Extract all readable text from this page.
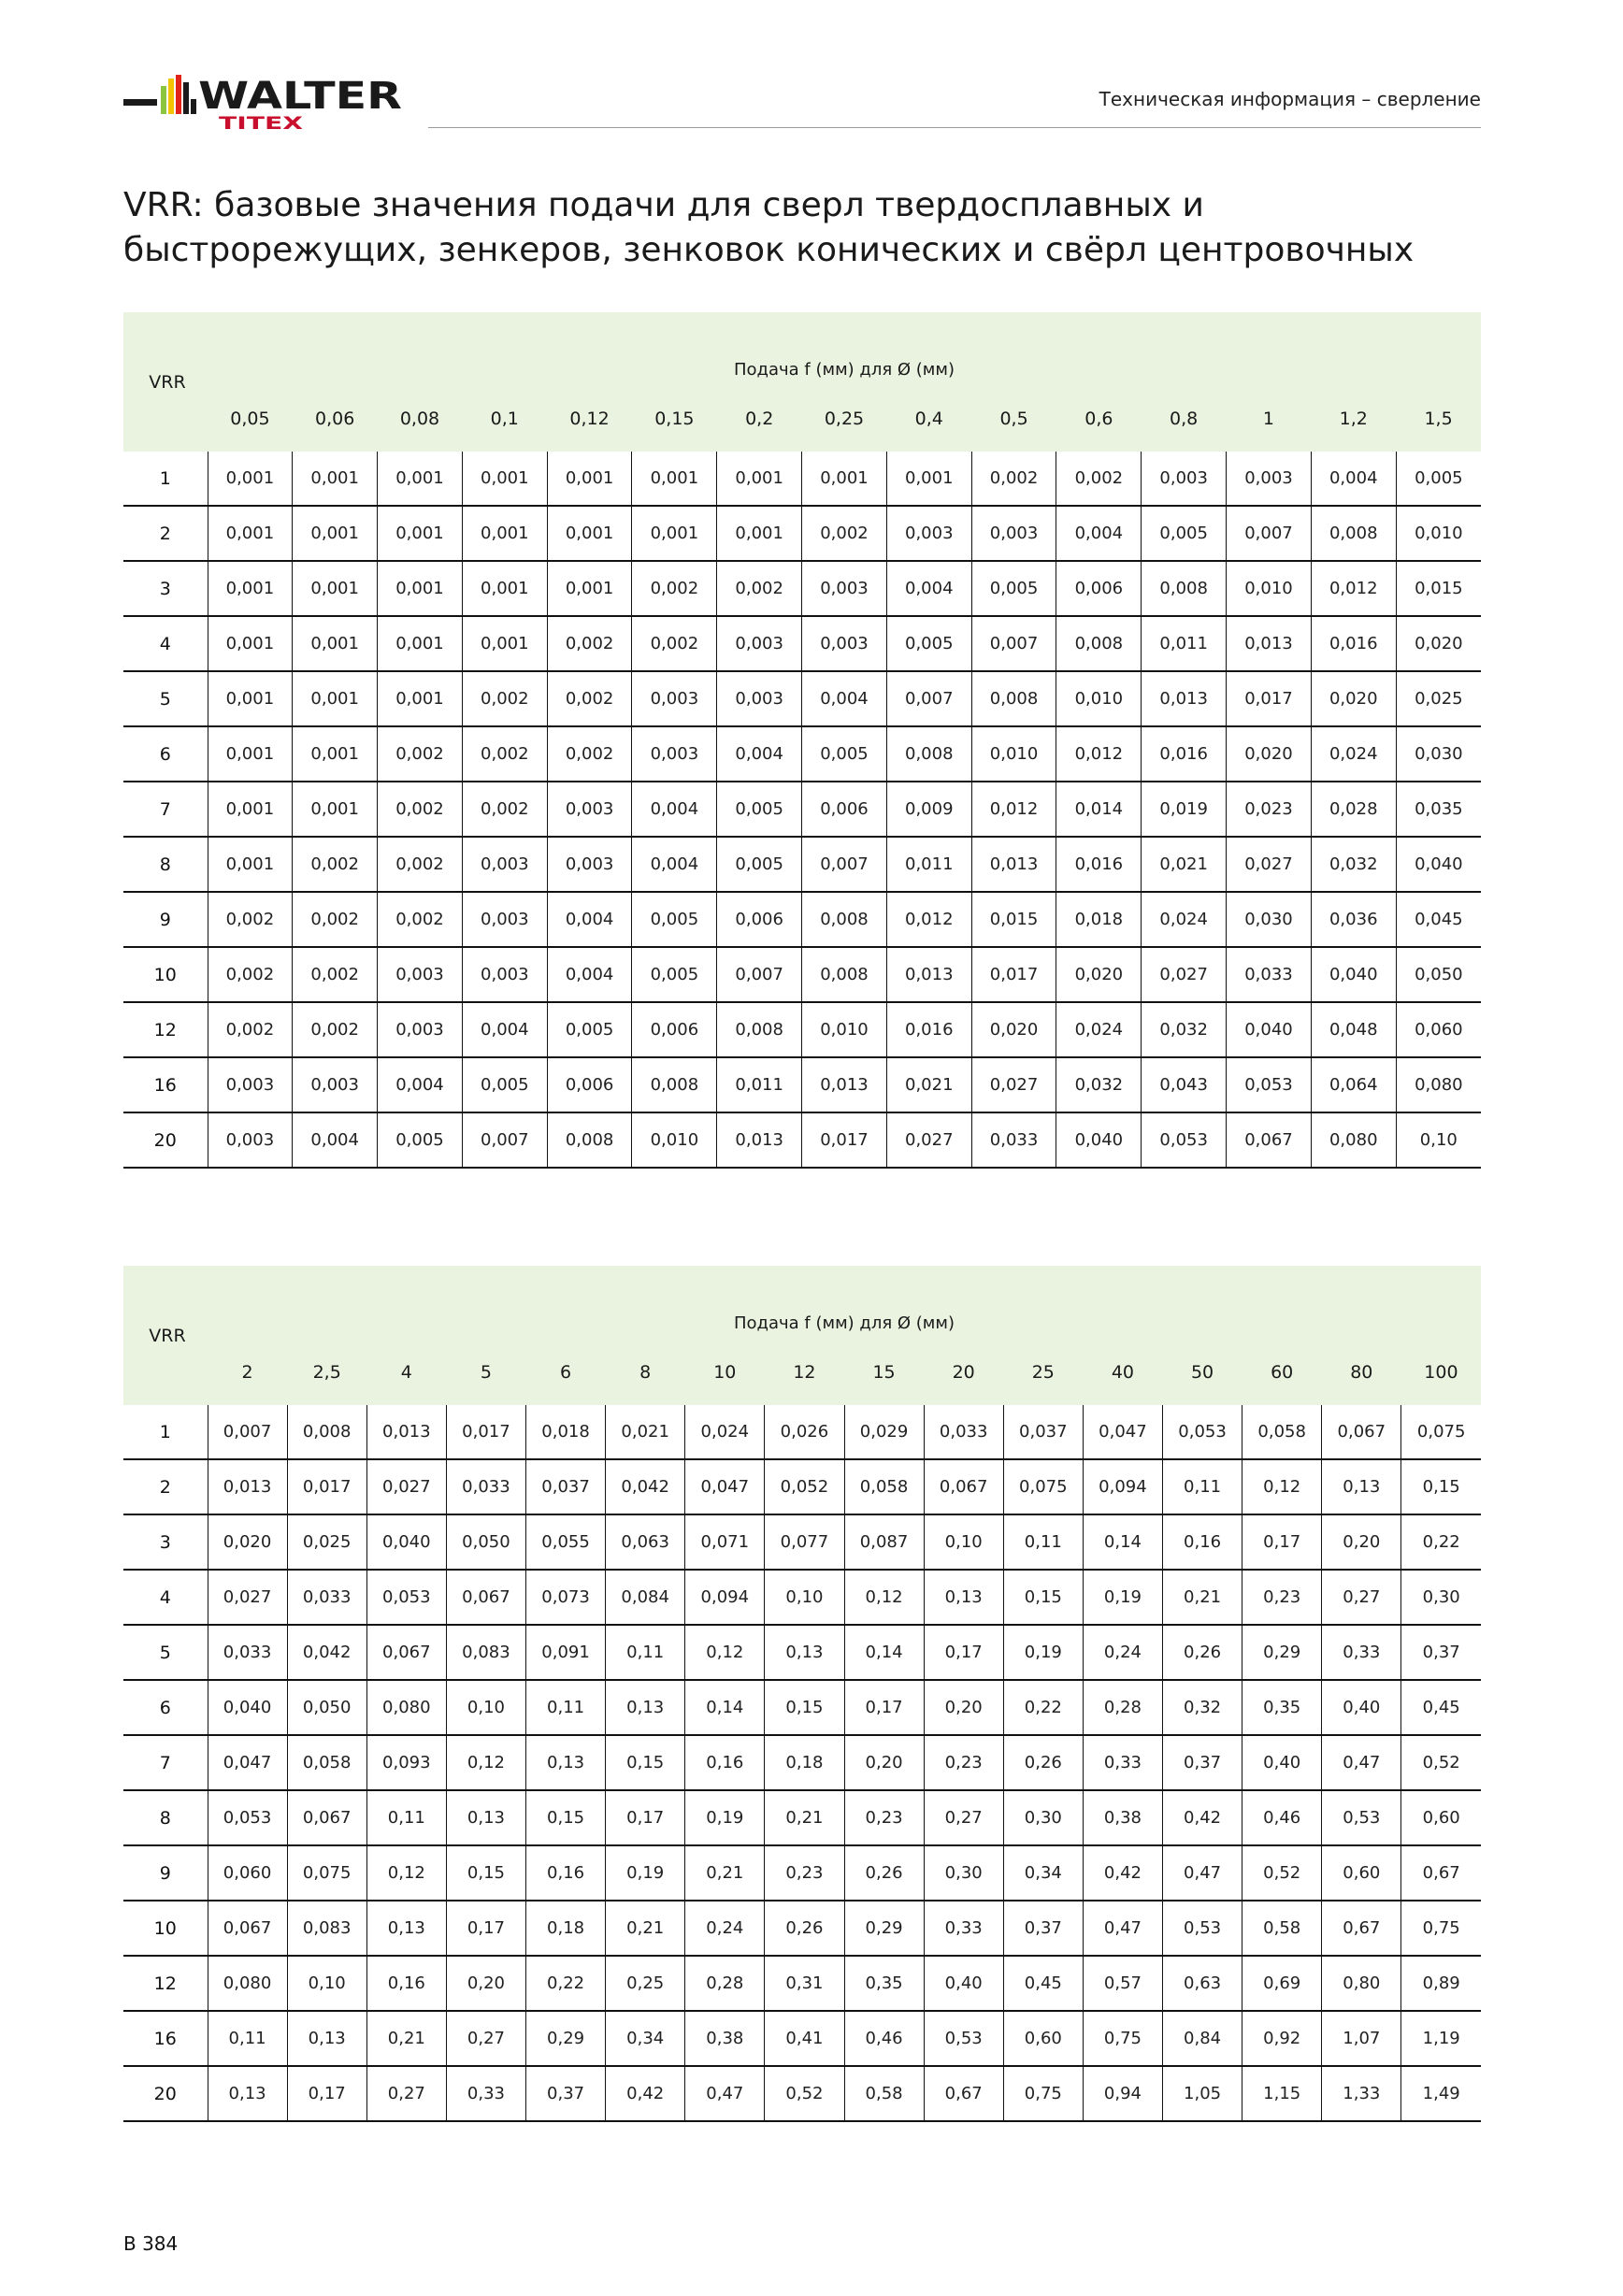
WALTER
TITEX
Техническая информация – сверление
VRR: базовые значения подачи для сверл твердосплавных и быстрорежущих, зенкеров, зенковок конических и свёрл центровочных
VRR	Подача f (мм) для Ø (мм)														
	0,05	0,06	0,08	0,1	0,12	0,15	0,2	0,25	0,4	0,5	0,6	0,8	1	1,2	1,5
1	0,001	0,001	0,001	0,001	0,001	0,001	0,001	0,001	0,001	0,002	0,002	0,003	0,003	0,004	0,005
2	0,001	0,001	0,001	0,001	0,001	0,001	0,001	0,002	0,003	0,003	0,004	0,005	0,007	0,008	0,010
3	0,001	0,001	0,001	0,001	0,001	0,002	0,002	0,003	0,004	0,005	0,006	0,008	0,010	0,012	0,015
4	0,001	0,001	0,001	0,001	0,002	0,002	0,003	0,003	0,005	0,007	0,008	0,011	0,013	0,016	0,020
5	0,001	0,001	0,001	0,002	0,002	0,003	0,003	0,004	0,007	0,008	0,010	0,013	0,017	0,020	0,025
6	0,001	0,001	0,002	0,002	0,002	0,003	0,004	0,005	0,008	0,010	0,012	0,016	0,020	0,024	0,030
7	0,001	0,001	0,002	0,002	0,003	0,004	0,005	0,006	0,009	0,012	0,014	0,019	0,023	0,028	0,035
8	0,001	0,002	0,002	0,003	0,003	0,004	0,005	0,007	0,011	0,013	0,016	0,021	0,027	0,032	0,040
9	0,002	0,002	0,002	0,003	0,004	0,005	0,006	0,008	0,012	0,015	0,018	0,024	0,030	0,036	0,045
10	0,002	0,002	0,003	0,003	0,004	0,005	0,007	0,008	0,013	0,017	0,020	0,027	0,033	0,040	0,050
12	0,002	0,002	0,003	0,004	0,005	0,006	0,008	0,010	0,016	0,020	0,024	0,032	0,040	0,048	0,060
16	0,003	0,003	0,004	0,005	0,006	0,008	0,011	0,013	0,021	0,027	0,032	0,043	0,053	0,064	0,080
20	0,003	0,004	0,005	0,007	0,008	0,010	0,013	0,017	0,027	0,033	0,040	0,053	0,067	0,080	0,10
VRR	Подача f (мм) для Ø (мм)															
	2	2,5	4	5	6	8	10	12	15	20	25	40	50	60	80	100
1	0,007	0,008	0,013	0,017	0,018	0,021	0,024	0,026	0,029	0,033	0,037	0,047	0,053	0,058	0,067	0,075
2	0,013	0,017	0,027	0,033	0,037	0,042	0,047	0,052	0,058	0,067	0,075	0,094	0,11	0,12	0,13	0,15
3	0,020	0,025	0,040	0,050	0,055	0,063	0,071	0,077	0,087	0,10	0,11	0,14	0,16	0,17	0,20	0,22
4	0,027	0,033	0,053	0,067	0,073	0,084	0,094	0,10	0,12	0,13	0,15	0,19	0,21	0,23	0,27	0,30
5	0,033	0,042	0,067	0,083	0,091	0,11	0,12	0,13	0,14	0,17	0,19	0,24	0,26	0,29	0,33	0,37
6	0,040	0,050	0,080	0,10	0,11	0,13	0,14	0,15	0,17	0,20	0,22	0,28	0,32	0,35	0,40	0,45
7	0,047	0,058	0,093	0,12	0,13	0,15	0,16	0,18	0,20	0,23	0,26	0,33	0,37	0,40	0,47	0,52
8	0,053	0,067	0,11	0,13	0,15	0,17	0,19	0,21	0,23	0,27	0,30	0,38	0,42	0,46	0,53	0,60
9	0,060	0,075	0,12	0,15	0,16	0,19	0,21	0,23	0,26	0,30	0,34	0,42	0,47	0,52	0,60	0,67
10	0,067	0,083	0,13	0,17	0,18	0,21	0,24	0,26	0,29	0,33	0,37	0,47	0,53	0,58	0,67	0,75
12	0,080	0,10	0,16	0,20	0,22	0,25	0,28	0,31	0,35	0,40	0,45	0,57	0,63	0,69	0,80	0,89
16	0,11	0,13	0,21	0,27	0,29	0,34	0,38	0,41	0,46	0,53	0,60	0,75	0,84	0,92	1,07	1,19
20	0,13	0,17	0,27	0,33	0,37	0,42	0,47	0,52	0,58	0,67	0,75	0,94	1,05	1,15	1,33	1,49
B 384
